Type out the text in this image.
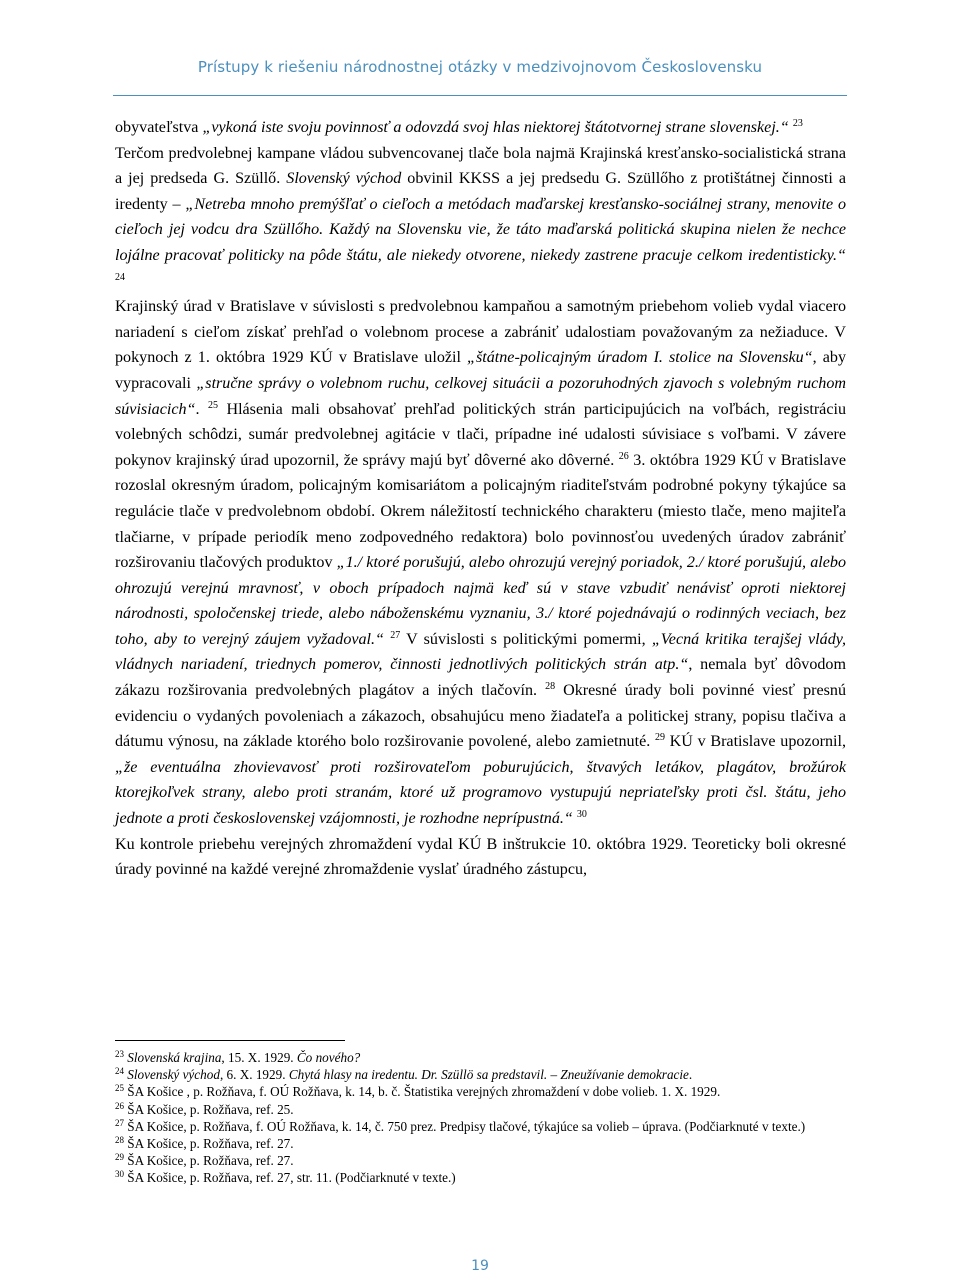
Prístupy k riešeniu národnostnej otázky v medzivojnovom Československu

obyvateľstva „vykoná iste svoju povinnosť a odovzdá svoj hlas niektorej štátotvornej strane slovenskej.“ $^{23}$

Terčom predvolebnej kampane vládou subvencovanej tlače bola najmä Krajinská kresťansko-socialistická strana a jej predseda G. Szüllő. Slovenský východ obvinil KKSS a jej predsedu G. Szüllőho z protištátnej činnosti a iredenty – „Netreba mnoho premýšľať o cieľoch a metódach maďarskej kresťansko-sociálnej strany, menovite o cieľoch jej vodcu dra Szüllőho. Každý na Slovensku vie, že táto maďarská politická skupina nielen že nechce lojálne pracovať politicky na pôde štátu, ale niekedy otvorene, niekedy zastrene pracuje celkom iredentisticky.“ $^{24}$

Krajinský úrad v Bratislave v súvislosti s predvolebnou kampaňou a samotným priebehom volieb vydal viacero nariadení s cieľom získať prehľad o volebnom procese a zabrániť udalostiam považovaným za nežiaduce. V pokynoch z 1. októbra 1929 KÚ v Bratislave uložil „štátne-policajným úradom I. stolice na Slovensku“, aby vypracovali „stručne správy o volebnom ruchu, celkovej situácii a pozoruhodných zjavoch s volebným ruchom súvisiacich“. $^{25}$ Hlásenia mali obsahovať prehľad politických strán participujúcich na voľbách, registráciu volebných schôdzi, sumár predvolebnej agitácie v tlači, prípadne iné udalosti súvisiace s voľbami. V závere pokynov krajinský úrad upozornil, že správy majú byť dôverné ako dôverné. $^{26}$ 3. októbra 1929 KÚ v Bratislave rozoslal okresným úradom, policajným komisariátom a policajným riaditeľstvám podrobné pokyny týkajúce sa regulácie tlače v predvolebnom období. Okrem náležitostí technického charakteru (miesto tlače, meno majiteľa tlačiarne, v prípade periodík meno zodpovedného redaktora) bolo povinnosťou uvedených úradov zabrániť rozširovaniu tlačových produktov „1./ ktoré porušujú, alebo ohrozujú verejný poriadok, 2./ ktoré porušujú, alebo ohrozujú verejnú mravnosť, v oboch prípadoch najmä keď sú v stave vzbudiť nenávisť oproti niektorej národnosti, spoločenskej triede, alebo náboženskému vyznaniu, 3./ ktoré pojednávajú o rodinných veciach, bez toho, aby to verejný záujem vyžadoval.“ $^{27}$ V súvislosti s politickými pomermi, „Vecná kritika terajšej vlády, vládnych nariadení, triednych pomerov, činnosti jednotlivých politických strán atp.“, nemala byť dôvodom zákazu rozširovania predvolebných plagátov a iných tlačovín. $^{28}$ Okresné úrady boli povinné viesť presnú evidenciu o vydaných povoleniach a zákazoch, obsahujúcu meno žiadateľa a politickej strany, popisu tlačiva a dátumu výnosu, na základe ktorého bolo rozširovanie povolené, alebo zamietnuté. $^{29}$ KÚ v Bratislave upozornil, „že eventuálna zhovievavosť proti rozširovateľom poburujúcich, štvavých letákov, plagátov, brožúrok ktorejkoľvek strany, alebo proti stranám, ktoré už programovo vystupujú nepriateľsky proti čsl. štátu, jeho jednote a proti československej vzájomnosti, je rozhodne neprípustná.“ $^{30}$

Ku kontrole priebehu verejných zhromaždení vydal KÚ B inštrukcie 10. októbra 1929. Teoreticky boli okresné úrady povinné na každé verejné zhromaždenie vyslať úradného zástupcu,

$^{23}$ Slovenská krajina, 15. X. 1929. Čo nového?

$^{24}$ Slovenský východ, 6. X. 1929. Chytá hlasy na iredentu. Dr. Szüllö sa predstavil. – Zneužívanie demokracie.

$^{25}$ ŠA Košice , p. Rožňava, f. OÚ Rožňava, k. 14, b. č. Štatistika verejných zhromaždení v dobe volieb. 1. X. 1929.

$^{26}$ ŠA Košice, p. Rožňava, ref. 25.

$^{27}$ ŠA Košice, p. Rožňava, f. OÚ Rožňava, k. 14, č. 750 prez. Predpisy tlačové, týkajúce sa volieb – úprava. (Podčiarknuté v texte.)

$^{28}$ ŠA Košice, p. Rožňava, ref. 27.

$^{29}$ ŠA Košice, p. Rožňava, ref. 27.

$^{30}$ ŠA Košice, p. Rožňava, ref. 27, str. 11. (Podčiarknuté v texte.)

19
